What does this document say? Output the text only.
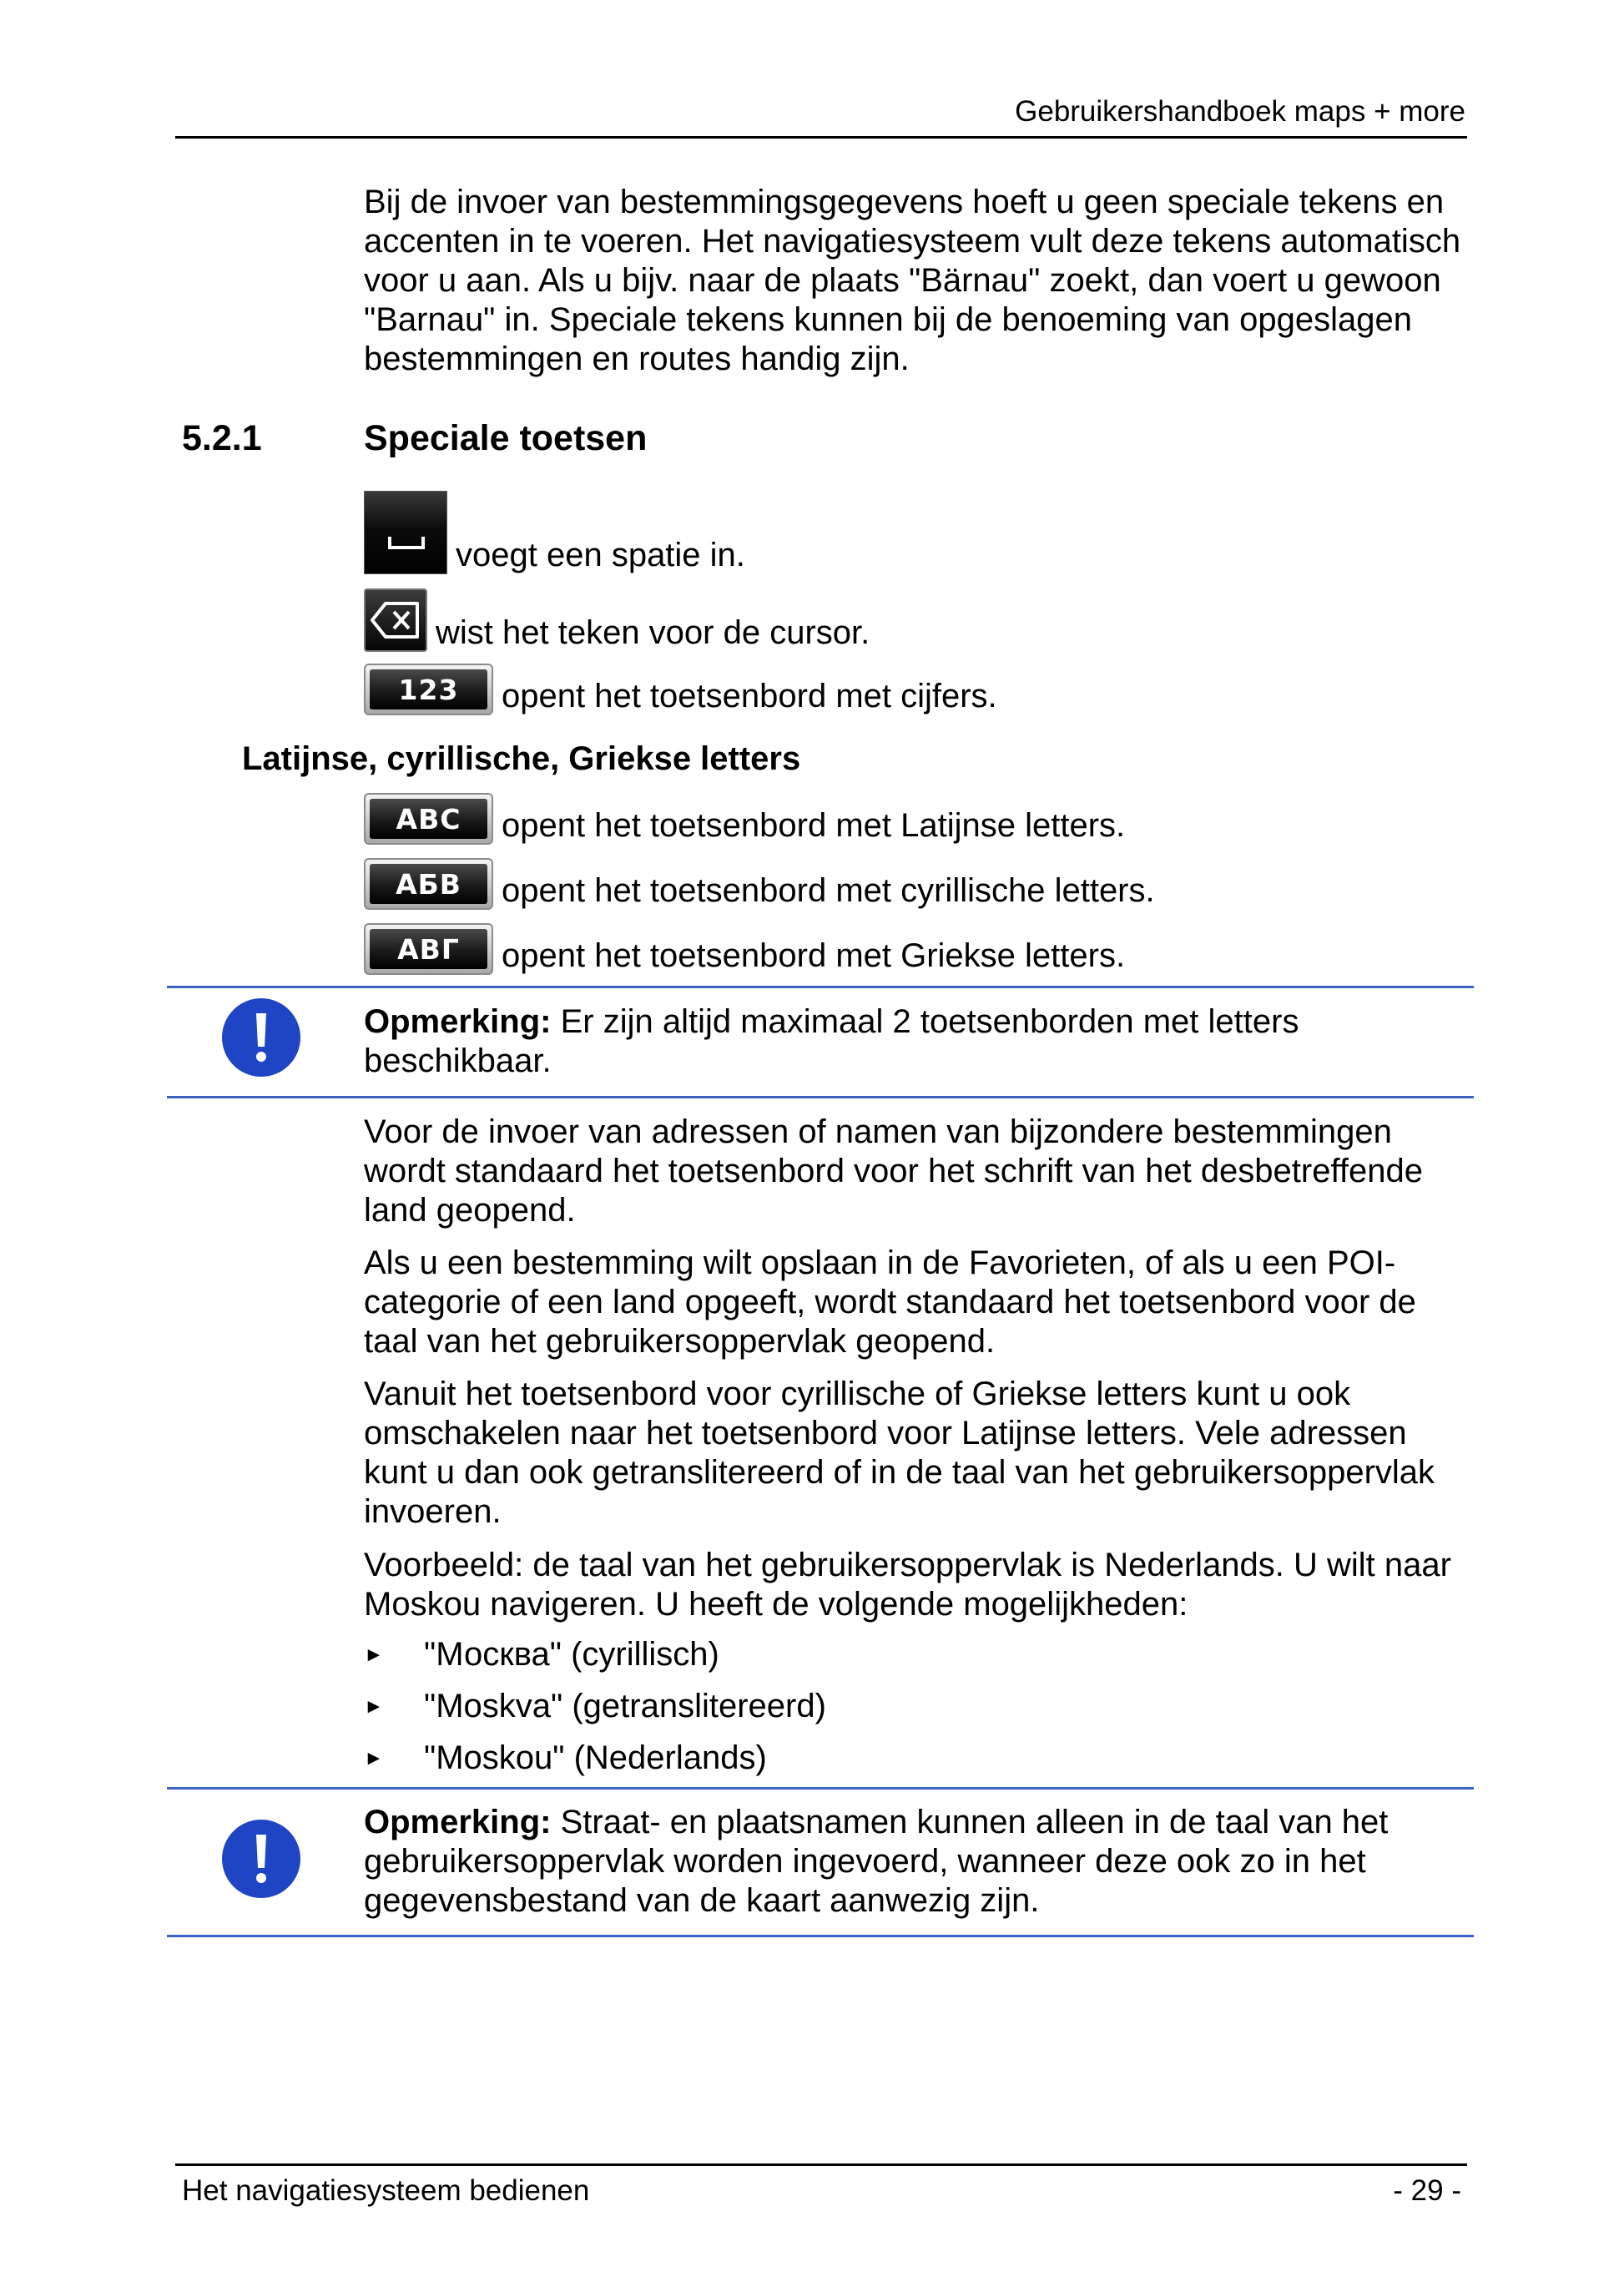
Gebruikershandboek maps + more
Bij de invoer van bestemmingsgegevens hoeft u geen speciale tekens en accenten in te voeren. Het navigatiesysteem vult deze tekens automatisch voor u aan. Als u bijv. naar de plaats "Bärnau" zoekt, dan voert u gewoon "Barnau" in. Speciale tekens kunnen bij de benoeming van opgeslagen bestemmingen en routes handig zijn.
5.2.1	Speciale toetsen
voegt een spatie in.
wist het teken voor de cursor.
123	opent het toetsenbord met cijfers.
Latijnse, cyrillische, Griekse letters
ABC	opent het toetsenbord met Latijnse letters.
АБВ	opent het toetsenbord met cyrillische letters.
ΑΒΓ	opent het toetsenbord met Griekse letters.
Opmerking: Er zijn altijd maximaal 2 toetsenborden met letters beschikbaar.
Voor de invoer van adressen of namen van bijzondere bestemmingen wordt standaard het toetsenbord voor het schrift van het desbetreffende land geopend.
Als u een bestemming wilt opslaan in de Favorieten, of als u een POI-categorie of een land opgeeft, wordt standaard het toetsenbord voor de taal van het gebruikersoppervlak geopend.
Vanuit het toetsenbord voor cyrillische of Griekse letters kunt u ook omschakelen naar het toetsenbord voor Latijnse letters. Vele adressen kunt u dan ook getranslitereerd of in de taal van het gebruikersoppervlak invoeren.
Voorbeeld: de taal van het gebruikersoppervlak is Nederlands. U wilt naar Moskou navigeren. U heeft de volgende mogelijkheden:
►	"Москва" (cyrillisch)
►	"Moskva" (getranslitereerd)
►	"Moskou" (Nederlands)
Opmerking: Straat- en plaatsnamen kunnen alleen in de taal van het gebruikersoppervlak worden ingevoerd, wanneer deze ook zo in het gegevensbestand van de kaart aanwezig zijn.
Het navigatiesysteem bedienen	- 29 -
